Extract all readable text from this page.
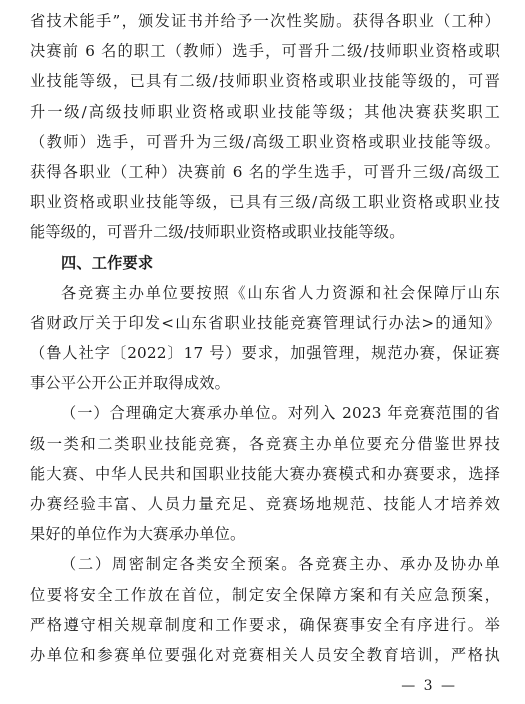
省技术能手”，颁发证书并给予一次性奖励。获得各职业（工种）
决赛前 6 名的职工（教师）选手，可晋升二级/技师职业资格或职
业技能等级，已具有二级/技师职业资格或职业技能等级的，可晋
升一级/高级技师职业资格或职业技能等级；其他决赛获奖职工
（教师）选手，可晋升为三级/高级工职业资格或职业技能等级。
获得各职业（工种）决赛前 6 名的学生选手，可晋升三级/高级工
职业资格或职业技能等级，已具有三级/高级工职业资格或职业技
能等级的，可晋升二级/技师职业资格或职业技能等级。
四、工作要求
各竞赛主办单位要按照《山东省人力资源和社会保障厅山东
省财政厅关于印发<山东省职业技能竞赛管理试行办法>的通知》
（鲁人社字〔2022〕17 号）要求，加强管理，规范办赛，保证赛
事公平公开公正并取得成效。
（一）合理确定大赛承办单位。对列入 2023 年竞赛范围的省
级一类和二类职业技能竞赛，各竞赛主办单位要充分借鉴世界技
能大赛、中华人民共和国职业技能大赛办赛模式和办赛要求，选择
办赛经验丰富、人员力量充足、竞赛场地规范、技能人才培养效
果好的单位作为大赛承办单位。
（二）周密制定各类安全预案。各竞赛主办、承办及协办单
位要将安全工作放在首位，制定安全保障方案和有关应急预案，
严格遵守相关规章制度和工作要求，确保赛事安全有序进行。举
办单位和参赛单位要强化对竞赛相关人员安全教育培训，严格执
— 3 —
